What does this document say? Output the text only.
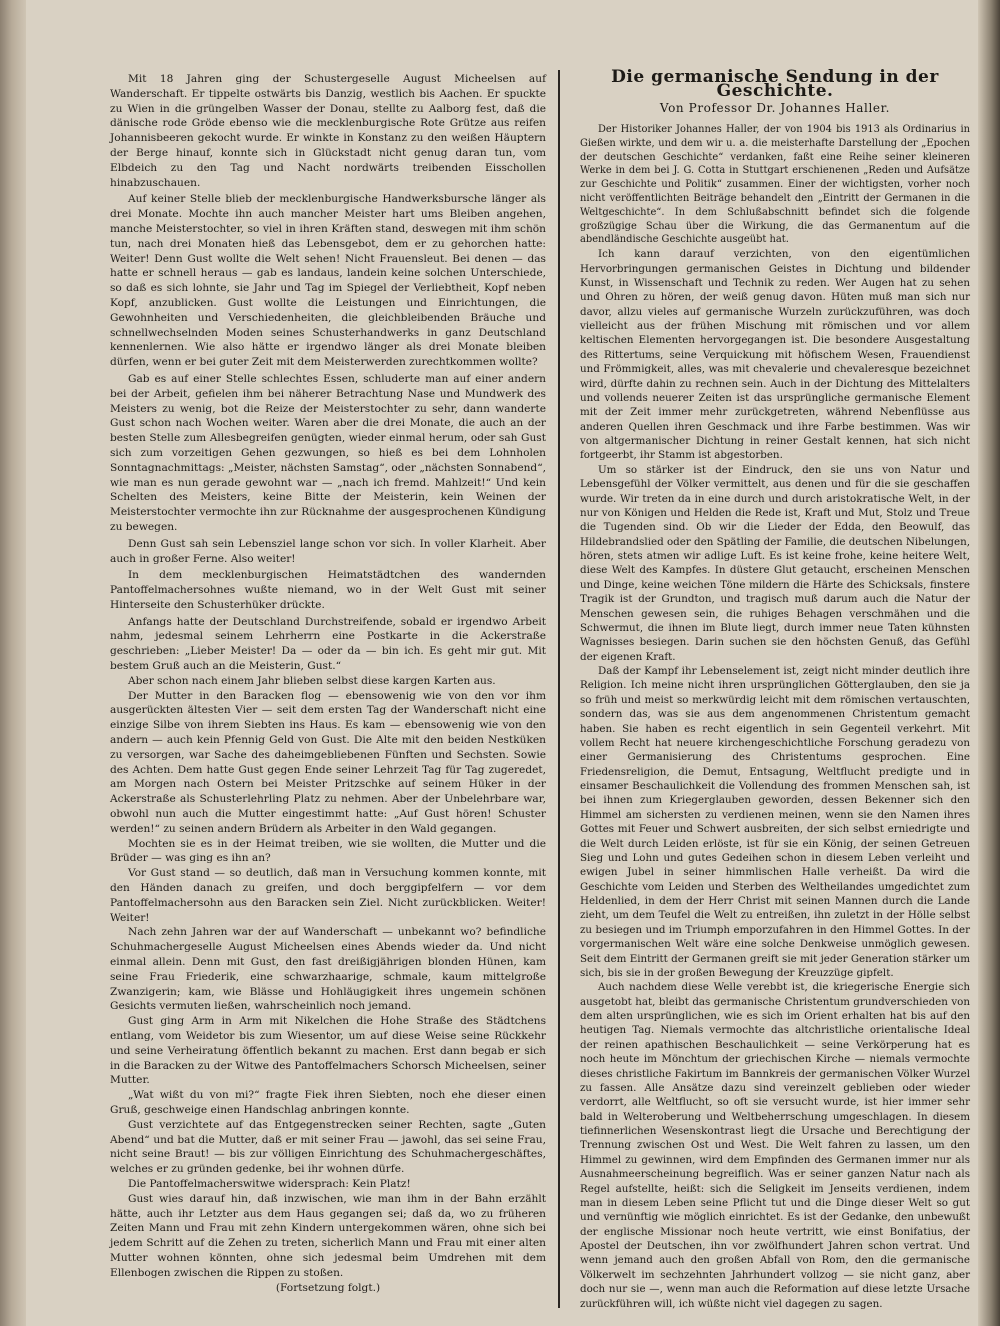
Mit 18 Jahren ging der Schustergeselle August Micheelsen auf Wanderschaft. Er tippelte ostwärts bis Danzig, westlich bis Aachen. Er spuckte zu Wien in die grüngelben Wasser der Donau, stellte zu Aalborg fest, daß die dänische rode Gröde ebenso wie die mecklenburgische Rote Grütze aus reifen Johannisbeeren gekocht wurde. Er winkte in Konstanz zu den weißen Häuptern der Berge hinauf, konnte sich in Glückstadt nicht genug daran tun, vom Elbdeich zu den Tag und Nacht nordwärts treibenden Eisschollen hinabzuschauen.

Auf keiner Stelle blieb der mecklenburgische Handwerksbursche länger als drei Monate. Mochte ihn auch mancher Meister hart ums Bleiben angehen, manche Meisterstochter, so viel in ihren Kräften stand, deswegen mit ihm schön tun, nach drei Monaten hieß das Lebensgebot, dem er zu gehorchen hatte: Weiter! Denn Gust wollte die Welt sehen! Nicht Frauensleut. Bei denen — das hatte er schnell heraus — gab es landaus, landein keine solchen Unterschiede, so daß es sich lohnte, sie Jahr und Tag im Spiegel der Verliebtheit, Kopf neben Kopf, anzublicken. Gust wollte die Leistungen und Einrichtungen, die Gewohnheiten und Verschiedenheiten, die gleichbleibenden Bräuche und schnellwechselnden Moden seines Schusterhandwerks in ganz Deutschland kennenlernen. Wie also hätte er irgendwo länger als drei Monate bleiben dürfen, wenn er bei guter Zeit mit dem Meisterwerden zurechtkommen wollte?

Gab es auf einer Stelle schlechtes Essen, schluderte man auf einer andern bei der Arbeit, gefielen ihm bei näherer Betrachtung Nase und Mundwerk des Meisters zu wenig, bot die Reize der Meisterstochter zu sehr, dann wanderte Gust schon nach Wochen weiter. Waren aber die drei Monate, die auch an der besten Stelle zum Allesbegreifen genügten, wieder einmal herum, oder sah Gust sich zum vorzeitigen Gehen gezwungen, so hieß es bei dem Lohnholen Sonntagnachmittags: „Meister, nächsten Samstag“, oder „nächsten Sonnabend“, wie man es nun gerade gewohnt war — „nach ich fremd. Mahlzeit!“ Und kein Schelten des Meisters, keine Bitte der Meisterin, kein Weinen der Meisterstochter vermochte ihn zur Rücknahme der ausgesprochenen Kündigung zu bewegen.

Denn Gust sah sein Lebensziel lange schon vor sich. In voller Klarheit. Aber auch in großer Ferne. Also weiter!

In dem mecklenburgischen Heimatstädtchen des wandernden Pantoffelmachersohnes wußte niemand, wo in der Welt Gust mit seiner Hinterseite den Schusterhüker drückte.

Anfangs hatte der Deutschland Durchstreifende, sobald er irgendwo Arbeit nahm, jedesmal seinem Lehrherrn eine Postkarte in die Ackerstraße geschrieben: „Lieber Meister! Da — oder da — bin ich. Es geht mir gut. Mit bestem Gruß auch an die Meisterin, Gust.“

Aber schon nach einem Jahr blieben selbst diese kargen Karten aus.

Der Mutter in den Baracken flog — ebensowenig wie von den vor ihm ausgerückten ältesten Vier — seit dem ersten Tag der Wanderschaft nicht eine einzige Silbe von ihrem Siebten ins Haus. Es kam — ebensowenig wie von den andern — auch kein Pfennig Geld von Gust. Die Alte mit den beiden Nestküken zu versorgen, war Sache des daheimgebliebenen Fünften und Sechsten. Sowie des Achten. Dem hatte Gust gegen Ende seiner Lehrzeit Tag für Tag zugeredet, am Morgen nach Ostern bei Meister Pritzschke auf seinem Hüker in der Ackerstraße als Schusterlehrling Platz zu nehmen. Aber der Unbelehrbare war, obwohl nun auch die Mutter eingestimmt hatte: „Auf Gust hören! Schuster werden!“ zu seinen andern Brüdern als Arbeiter in den Wald gegangen.

Mochten sie es in der Heimat treiben, wie sie wollten, die Mutter und die Brüder — was ging es ihn an?

Vor Gust stand — so deutlich, daß man in Versuchung kommen konnte, mit den Händen danach zu greifen, und doch berggipfelfern — vor dem Pantoffelmachersohn aus den Baracken sein Ziel. Nicht zurückblicken. Weiter! Weiter!

Nach zehn Jahren war der auf Wanderschaft — unbekannt wo? befindliche Schuhmachergeselle August Micheelsen eines Abends wieder da. Und nicht einmal allein. Denn mit Gust, den fast dreißigjährigen blonden Hünen, kam seine Frau Friederik, eine schwarzhaarige, schmale, kaum mittelgroße Zwanzigerin; kam, wie Blässe und Hohläugigkeit ihres ungemein schönen Gesichts vermuten ließen, wahrscheinlich noch jemand.

Gust ging Arm in Arm mit Nikelchen die Hohe Straße des Städtchens entlang, vom Weidetor bis zum Wiesentor, um auf diese Weise seine Rückkehr und seine Verheiratung öffentlich bekannt zu machen. Erst dann begab er sich in die Baracken zu der Witwe des Pantoffelmachers Schorsch Micheelsen, seiner Mutter.

„Wat wißt du von mi?“ fragte Fiek ihren Siebten, noch ehe dieser einen Gruß, geschweige einen Handschlag anbringen konnte.

Gust verzichtete auf das Entgegenstrecken seiner Rechten, sagte „Guten Abend“ und bat die Mutter, daß er mit seiner Frau — jawohl, das sei seine Frau, nicht seine Braut! — bis zur völligen Einrichtung des Schuhmachergeschäftes, welches er zu gründen gedenke, bei ihr wohnen dürfe.

Die Pantoffelmacherswitwe widersprach: Kein Platz!

Gust wies darauf hin, daß inzwischen, wie man ihm in der Bahn erzählt hätte, auch ihr Letzter aus dem Haus gegangen sei; daß da, wo zu früheren Zeiten Mann und Frau mit zehn Kindern untergekommen wären, ohne sich bei jedem Schritt auf die Zehen zu treten, sicherlich Mann und Frau mit einer alten Mutter wohnen könnten, ohne sich jedesmal beim Umdrehen mit dem Ellenbogen zwischen die Rippen zu stoßen.

(Fortsetzung folgt.)

Die germanische Sendung in der Geschichte.
Von Professor Dr. Johannes Haller.

Der Historiker Johannes Haller, der von 1904 bis 1913 als Ordinarius in Gießen wirkte, und dem wir u. a. die meisterhafte Darstellung der „Epochen der deutschen Geschichte“ verdanken, faßt eine Reihe seiner kleineren Werke in dem bei J. G. Cotta in Stuttgart erschienenen „Reden und Aufsätze zur Geschichte und Politik“ zusammen. Einer der wichtigsten, vorher noch nicht veröffentlichten Beiträge behandelt den „Eintritt der Germanen in die Weltgeschichte“. In dem Schlußabschnitt befindet sich die folgende großzügige Schau über die Wirkung, die das Germanentum auf die abendländische Geschichte ausgeübt hat.

Ich kann darauf verzichten, von den eigentümlichen Hervorbringungen germanischen Geistes in Dichtung und bildender Kunst, in Wissenschaft und Technik zu reden. Wer Augen hat zu sehen und Ohren zu hören, der weiß genug davon. Hüten muß man sich nur davor, allzu vieles auf germanische Wurzeln zurückzuführen, was doch vielleicht aus der frühen Mischung mit römischen und vor allem keltischen Elementen hervorgegangen ist. Die besondere Ausgestaltung des Rittertums, seine Verquickung mit höfischem Wesen, Frauendienst und Frömmigkeit, alles, was mit chevalerie und chevaleresque bezeichnet wird, dürfte dahin zu rechnen sein. Auch in der Dichtung des Mittelalters und vollends neuerer Zeiten ist das ursprüngliche germanische Element mit der Zeit immer mehr zurückgetreten, während Nebenflüsse aus anderen Quellen ihren Geschmack und ihre Farbe bestimmen. Was wir von altgermanischer Dichtung in reiner Gestalt kennen, hat sich nicht fortgeerbt, ihr Stamm ist abgestorben.

Um so stärker ist der Eindruck, den sie uns von Natur und Lebensgefühl der Völker vermittelt, aus denen und für die sie geschaffen wurde. Wir treten da in eine durch und durch aristokratische Welt, in der nur von Königen und Helden die Rede ist, Kraft und Mut, Stolz und Treue die Tugenden sind. Ob wir die Lieder der Edda, den Beowulf, das Hildebrandslied oder den Spätling der Familie, die deutschen Nibelungen, hören, stets atmen wir adlige Luft. Es ist keine frohe, keine heitere Welt, diese Welt des Kampfes. In düstere Glut getaucht, erscheinen Menschen und Dinge, keine weichen Töne mildern die Härte des Schicksals, finstere Tragik ist der Grundton, und tragisch muß darum auch die Natur der Menschen gewesen sein, die ruhiges Behagen verschmähen und die Schwermut, die ihnen im Blute liegt, durch immer neue Taten kühnsten Wagnisses besiegen. Darin suchen sie den höchsten Genuß, das Gefühl der eigenen Kraft.

Daß der Kampf ihr Lebenselement ist, zeigt nicht minder deutlich ihre Religion. Ich meine nicht ihren ursprünglichen Götterglauben, den sie ja so früh und meist so merkwürdig leicht mit dem römischen vertauschten, sondern das, was sie aus dem angenommenen Christentum gemacht haben. Sie haben es recht eigentlich in sein Gegenteil verkehrt. Mit vollem Recht hat neuere kirchengeschichtliche Forschung geradezu von einer Germanisierung des Christentums gesprochen. Eine Friedensreligion, die Demut, Entsagung, Weltflucht predigte und in einsamer Beschaulichkeit die Vollendung des frommen Menschen sah, ist bei ihnen zum Kriegerglauben geworden, dessen Bekenner sich den Himmel am sichersten zu verdienen meinen, wenn sie den Namen ihres Gottes mit Feuer und Schwert ausbreiten, der sich selbst erniedrigte und die Welt durch Leiden erlöste, ist für sie ein König, der seinen Getreuen Sieg und Lohn und gutes Gedeihen schon in diesem Leben verleiht und ewigen Jubel in seiner himmlischen Halle verheißt. Da wird die Geschichte vom Leiden und Sterben des Weltheilandes umgedichtet zum Heldenlied, in dem der Herr Christ mit seinen Mannen durch die Lande zieht, um dem Teufel die Welt zu entreißen, ihn zuletzt in der Hölle selbst zu besiegen und im Triumph emporzufahren in den Himmel Gottes. In der vorgermanischen Welt wäre eine solche Denkweise unmöglich gewesen. Seit dem Eintritt der Germanen greift sie mit jeder Generation stärker um sich, bis sie in der großen Bewegung der Kreuzzüge gipfelt.

Auch nachdem diese Welle verebbt ist, die kriegerische Energie sich ausgetobt hat, bleibt das germanische Christentum grundverschieden von dem alten ursprünglichen, wie es sich im Orient erhalten hat bis auf den heutigen Tag. Niemals vermochte das altchristliche orientalische Ideal der reinen apathischen Beschaulichkeit — seine Verkörperung hat es noch heute im Mönchtum der griechischen Kirche — niemals vermochte dieses christliche Fakirtum im Bannkreis der germanischen Völker Wurzel zu fassen. Alle Ansätze dazu sind vereinzelt geblieben oder wieder verdorrt, alle Weltflucht, so oft sie versucht wurde, ist hier immer sehr bald in Welteroberung und Weltbeherrschung umgeschlagen. In diesem tiefinnerlichen Wesenskontrast liegt die Ursache und Berechtigung der Trennung zwischen Ost und West. Die Welt fahren zu lassen, um den Himmel zu gewinnen, wird dem Empfinden des Germanen immer nur als Ausnahmeerscheinung begreiflich. Was er seiner ganzen Natur nach als Regel aufstellte, heißt: sich die Seligkeit im Jenseits verdienen, indem man in diesem Leben seine Pflicht tut und die Dinge dieser Welt so gut und vernünftig wie möglich einrichtet. Es ist der Gedanke, den unbewußt der englische Missionar noch heute vertritt, wie einst Bonifatius, der Apostel der Deutschen, ihn vor zwölfhundert Jahren schon vertrat. Und wenn jemand auch den großen Abfall von Rom, den die germanische Völkerwelt im sechzehnten Jahrhundert vollzog — sie nicht ganz, aber doch nur sie —, wenn man auch die Reformation auf diese letzte Ursache zurückführen will, ich wüßte nicht viel dagegen zu sagen.
